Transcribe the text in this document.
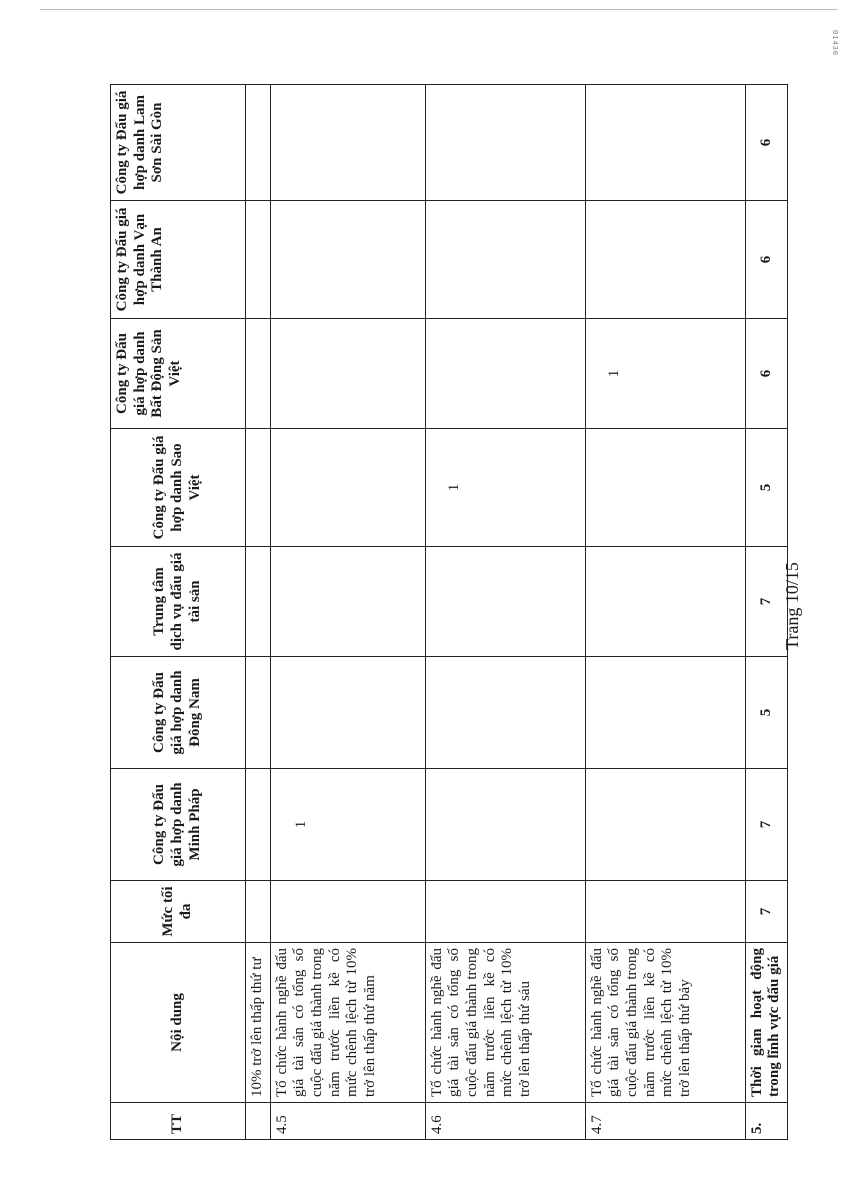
01430
TT	Nội dung	Mức tối đa	Công ty Đấu giá hợp danh Minh Pháp	Công ty Đấu giá hợp danh Đông Nam	Trung tâm dịch vụ đấu giá tài sản	Công ty Đấu giá hợp danh Sao Việt	Công ty Đấu giá hợp danh Bất Động Sản Việt	Công ty Đấu giá hợp danh Vạn Thành An	Công ty Đấu giá hợp danh Lam Sơn Sài Gòn
	10% trở lên thấp thứ tư								
4.5	Tổ chức hành nghề đấu giá tài sản có tổng số cuộc đấu giá thành trong năm trước liền kề có mức chênh lệch từ 10% trở lên thấp thứ năm		1						
4.6	Tổ chức hành nghề đấu giá tài sản có tổng số cuộc đấu giá thành trong năm trước liền kề có mức chênh lệch từ 10% trở lên thấp thứ sáu					1			
4.7	Tổ chức hành nghề đấu giá tài sản có tổng số cuộc đấu giá thành trong năm trước liền kề có mức chênh lệch từ 10% trở lên thấp thứ bảy						1		
5.	Thời gian hoạt động trong lĩnh vực đấu giá	7	7	5	7	5	6	6	6
Trang 10/15
